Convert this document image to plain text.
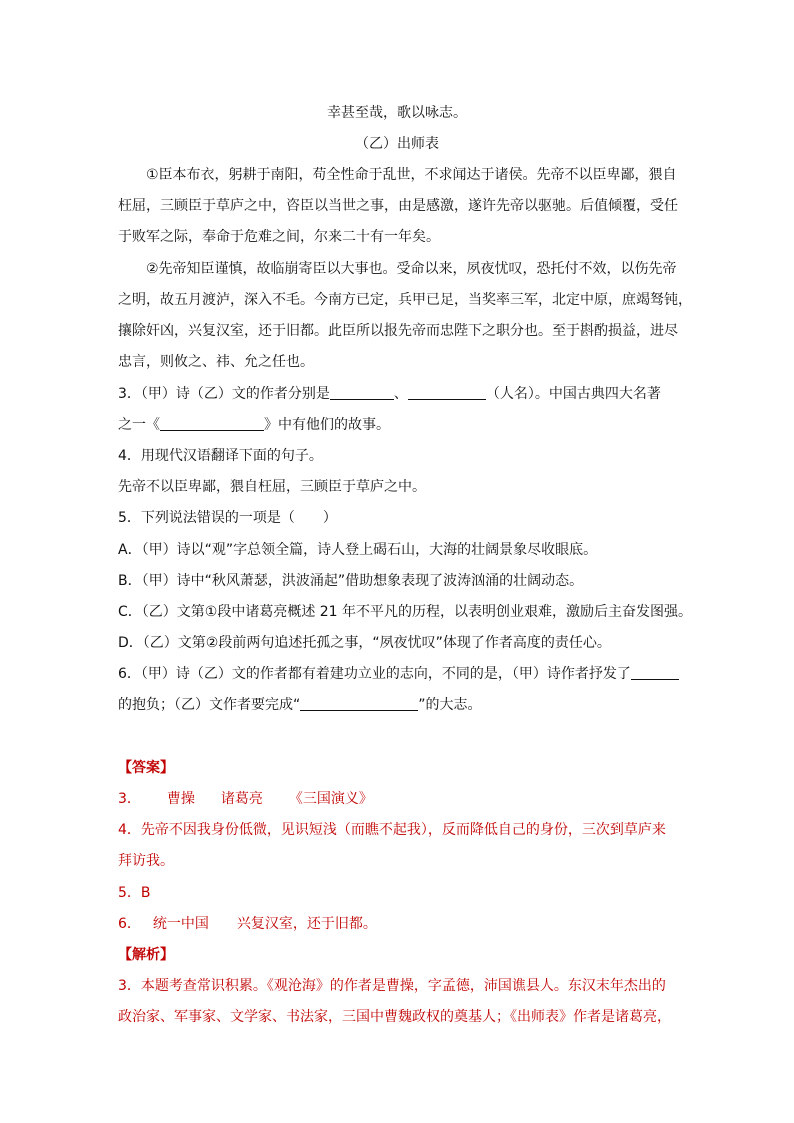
幸甚至哉，歌以咏志。
（乙）出师表
①臣本布衣，躬耕于南阳，苟全性命于乱世，不求闻达于诸侯。先帝不以臣卑鄙，猥自
枉屈，三顾臣于草庐之中，咨臣以当世之事，由是感激，遂许先帝以驱驰。后值倾覆，受任
于败军之际，奉命于危难之间，尔来二十有一年矣。
②先帝知臣谨慎，故临崩寄臣以大事也。受命以来，夙夜忧叹，恐托付不效，以伤先帝
之明，故五月渡泸，深入不毛。今南方已定，兵甲已足，当奖率三军，北定中原，庶竭驽钝，
攘除奸凶，兴复汉室，还于旧都。此臣所以报先帝而忠陛下之职分也。至于斟酌损益，进尽
忠言，则攸之、祎、允之任也。
3．（甲）诗（乙）文的作者分别是	、	（人名）。中国古典四大名著
之一《	》中有他们的故事。
4．用现代汉语翻译下面的句子。
先帝不以臣卑鄙，猥自枉屈，三顾臣于草庐之中。
5．下列说法错误的一项是（　　）
A．（甲）诗以“观”字总领全篇，诗人登上碣石山，大海的壮阔景象尽收眼底。
B．（甲）诗中“秋风萧瑟，洪波涌起”借助想象表现了波涛汹涌的壮阔动态。
C．（乙）文第①段中诸葛亮概述 21 年不平凡的历程，以表明创业艰难，激励后主奋发图强。
D．（乙）文第②段前两句追述托孤之事，“夙夜忧叹”体现了作者高度的责任心。
6．（甲）诗（乙）文的作者都有着建功立业的志向，不同的是，（甲）诗作者抒发了
的抱负；（乙）文作者要完成“	”的大志。
【答案】
3． 曹操 诸葛亮 《三国演义》
4．先帝不因我身份低微，见识短浅（而瞧不起我），反而降低自己的身份，三次到草庐来
拜访我。
5．B
6． 统一中国 兴复汉室，还于旧都。
【解析】
3．本题考查常识积累。《观沧海》的作者是曹操，字孟德，沛国谯县人。东汉末年杰出的
政治家、军事家、文学家、书法家，三国中曹魏政权的奠基人；《出师表》作者是诸葛亮，
